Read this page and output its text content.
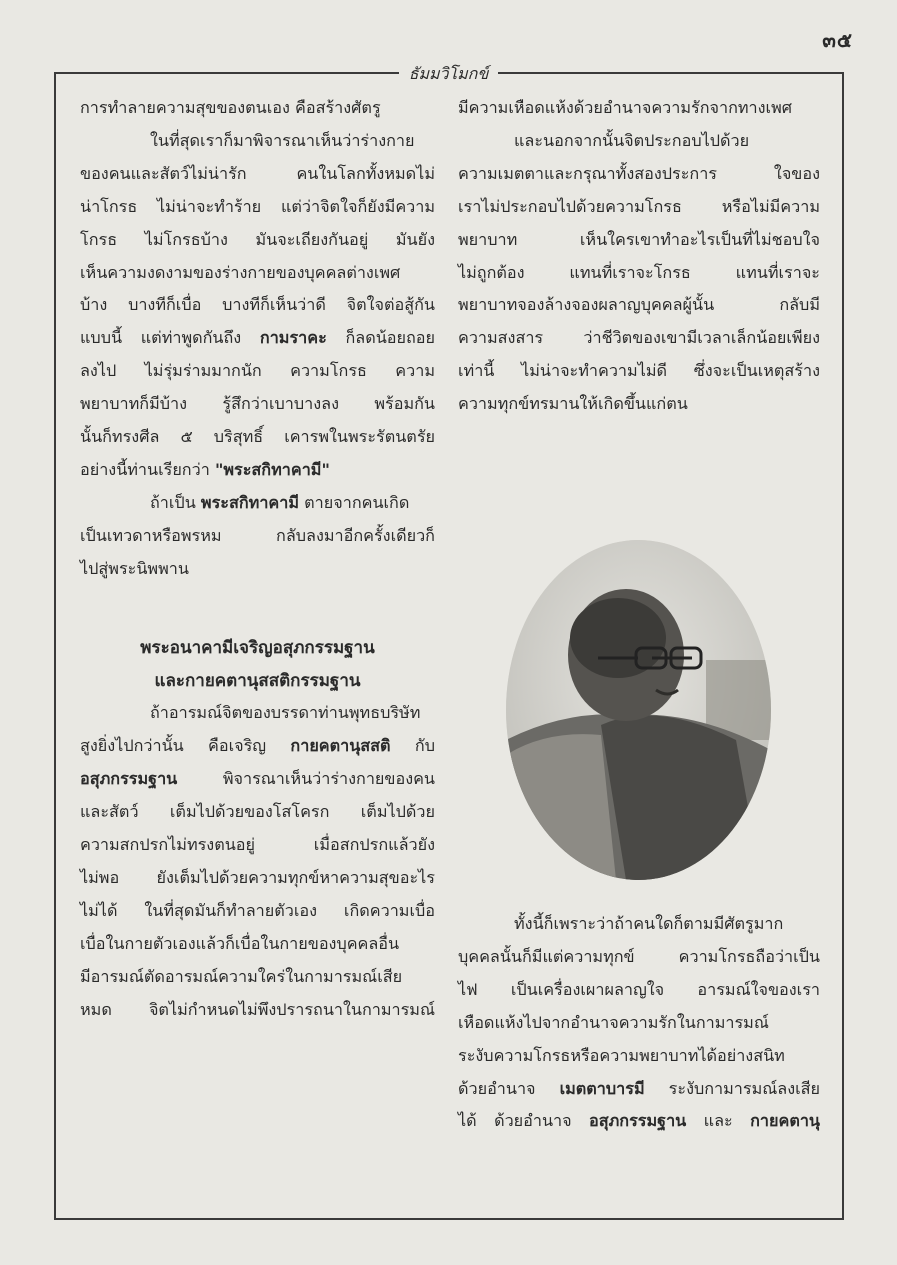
๓๕
ธัมมวิโมกข์
การทำลายความสุขของตนเอง คือสร้างศัตรู
ในที่สุดเราก็มาพิจารณาเห็นว่าร่างกาย
ของคนและสัตว์ไม่น่ารัก คนในโลกทั้งหมดไม่
น่าโกรธ ไม่น่าจะทำร้าย แต่ว่าจิตใจก็ยังมีความ
โกรธ ไม่โกรธบ้าง มันจะเถียงกันอยู่ มันยัง
เห็นความงดงามของร่างกายของบุคคลต่างเพศ
บ้าง บางทีก็เบื่อ บางทีก็เห็นว่าดี จิตใจต่อสู้กัน
แบบนี้ แต่ท่าพูดกันถึง กามราคะ ก็ลดน้อยถอย
ลงไป ไม่รุ่มร่ามมากนัก ความโกรธ ความ
พยาบาทก็มีบ้าง รู้สึกว่าเบาบางลง พร้อมกัน
นั้นก็ทรงศีล ๕ บริสุทธิ์ เคารพในพระรัตนตรัย
อย่างนี้ท่านเรียกว่า "พระสกิทาคามี"
ถ้าเป็น พระสกิทาคามี ตายจากคนเกิด
เป็นเทวดาหรือพรหม กลับลงมาอีกครั้งเดียวก็
ไปสู่พระนิพพาน
พระอนาคามีเจริญอสุภกรรมฐาน
และกายคตานุสสติกรรมฐาน
ถ้าอารมณ์จิตของบรรดาท่านพุทธบริษัท
สูงยิ่งไปกว่านั้น คือเจริญ กายคตานุสสติ กับ
อสุภกรรมฐาน พิจารณาเห็นว่าร่างกายของคน
และสัตว์ เต็มไปด้วยของโสโครก เต็มไปด้วย
ความสกปรกไม่ทรงตนอยู่ เมื่อสกปรกแล้วยัง
ไม่พอ ยังเต็มไปด้วยความทุกข์หาความสุขอะไร
ไม่ได้ ในที่สุดมันก็ทำลายตัวเอง เกิดความเบื่อ
เบื่อในกายตัวเองแล้วก็เบื่อในกายของบุคคลอื่น
มีอารมณ์ตัดอารมณ์ความใคร่ในกามารมณ์เสีย
หมด จิตไม่กำหนดไม่พึงปรารถนาในกามารมณ์
มีความเหือดแห้งด้วยอำนาจความรักจากทางเพศ
และนอกจากนั้นจิตประกอบไปด้วย
ความเมตตาและกรุณาทั้งสองประการ ใจของ
เราไม่ประกอบไปด้วยความโกรธ หรือไม่มีความ
พยาบาท เห็นใครเขาทำอะไรเป็นที่ไม่ชอบใจ
ไม่ถูกต้อง แทนที่เราจะโกรธ แทนที่เราจะ
พยาบาทจองล้างจองผลาญบุคคลผู้นั้น กลับมี
ความสงสาร ว่าชีวิตของเขามีเวลาเล็กน้อยเพียง
เท่านี้ ไม่น่าจะทำความไม่ดี ซึ่งจะเป็นเหตุสร้าง
ความทุกข์ทรมานให้เกิดขึ้นแก่ตน
ทั้งนี้ก็เพราะว่าถ้าคนใดก็ตามมีศัตรูมาก
บุคคลนั้นก็มีแต่ความทุกข์ ความโกรธถือว่าเป็น
ไฟ เป็นเครื่องเผาผลาญใจ อารมณ์ใจของเรา
เหือดแห้งไปจากอำนาจความรักในกามารมณ์
ระงับความโกรธหรือความพยาบาทได้อย่างสนิท
ด้วยอำนาจ เมตตาบารมี ระงับกามารมณ์ลงเสีย
ได้ ด้วยอำนาจ อสุภกรรมฐาน และ กายคตานุ
